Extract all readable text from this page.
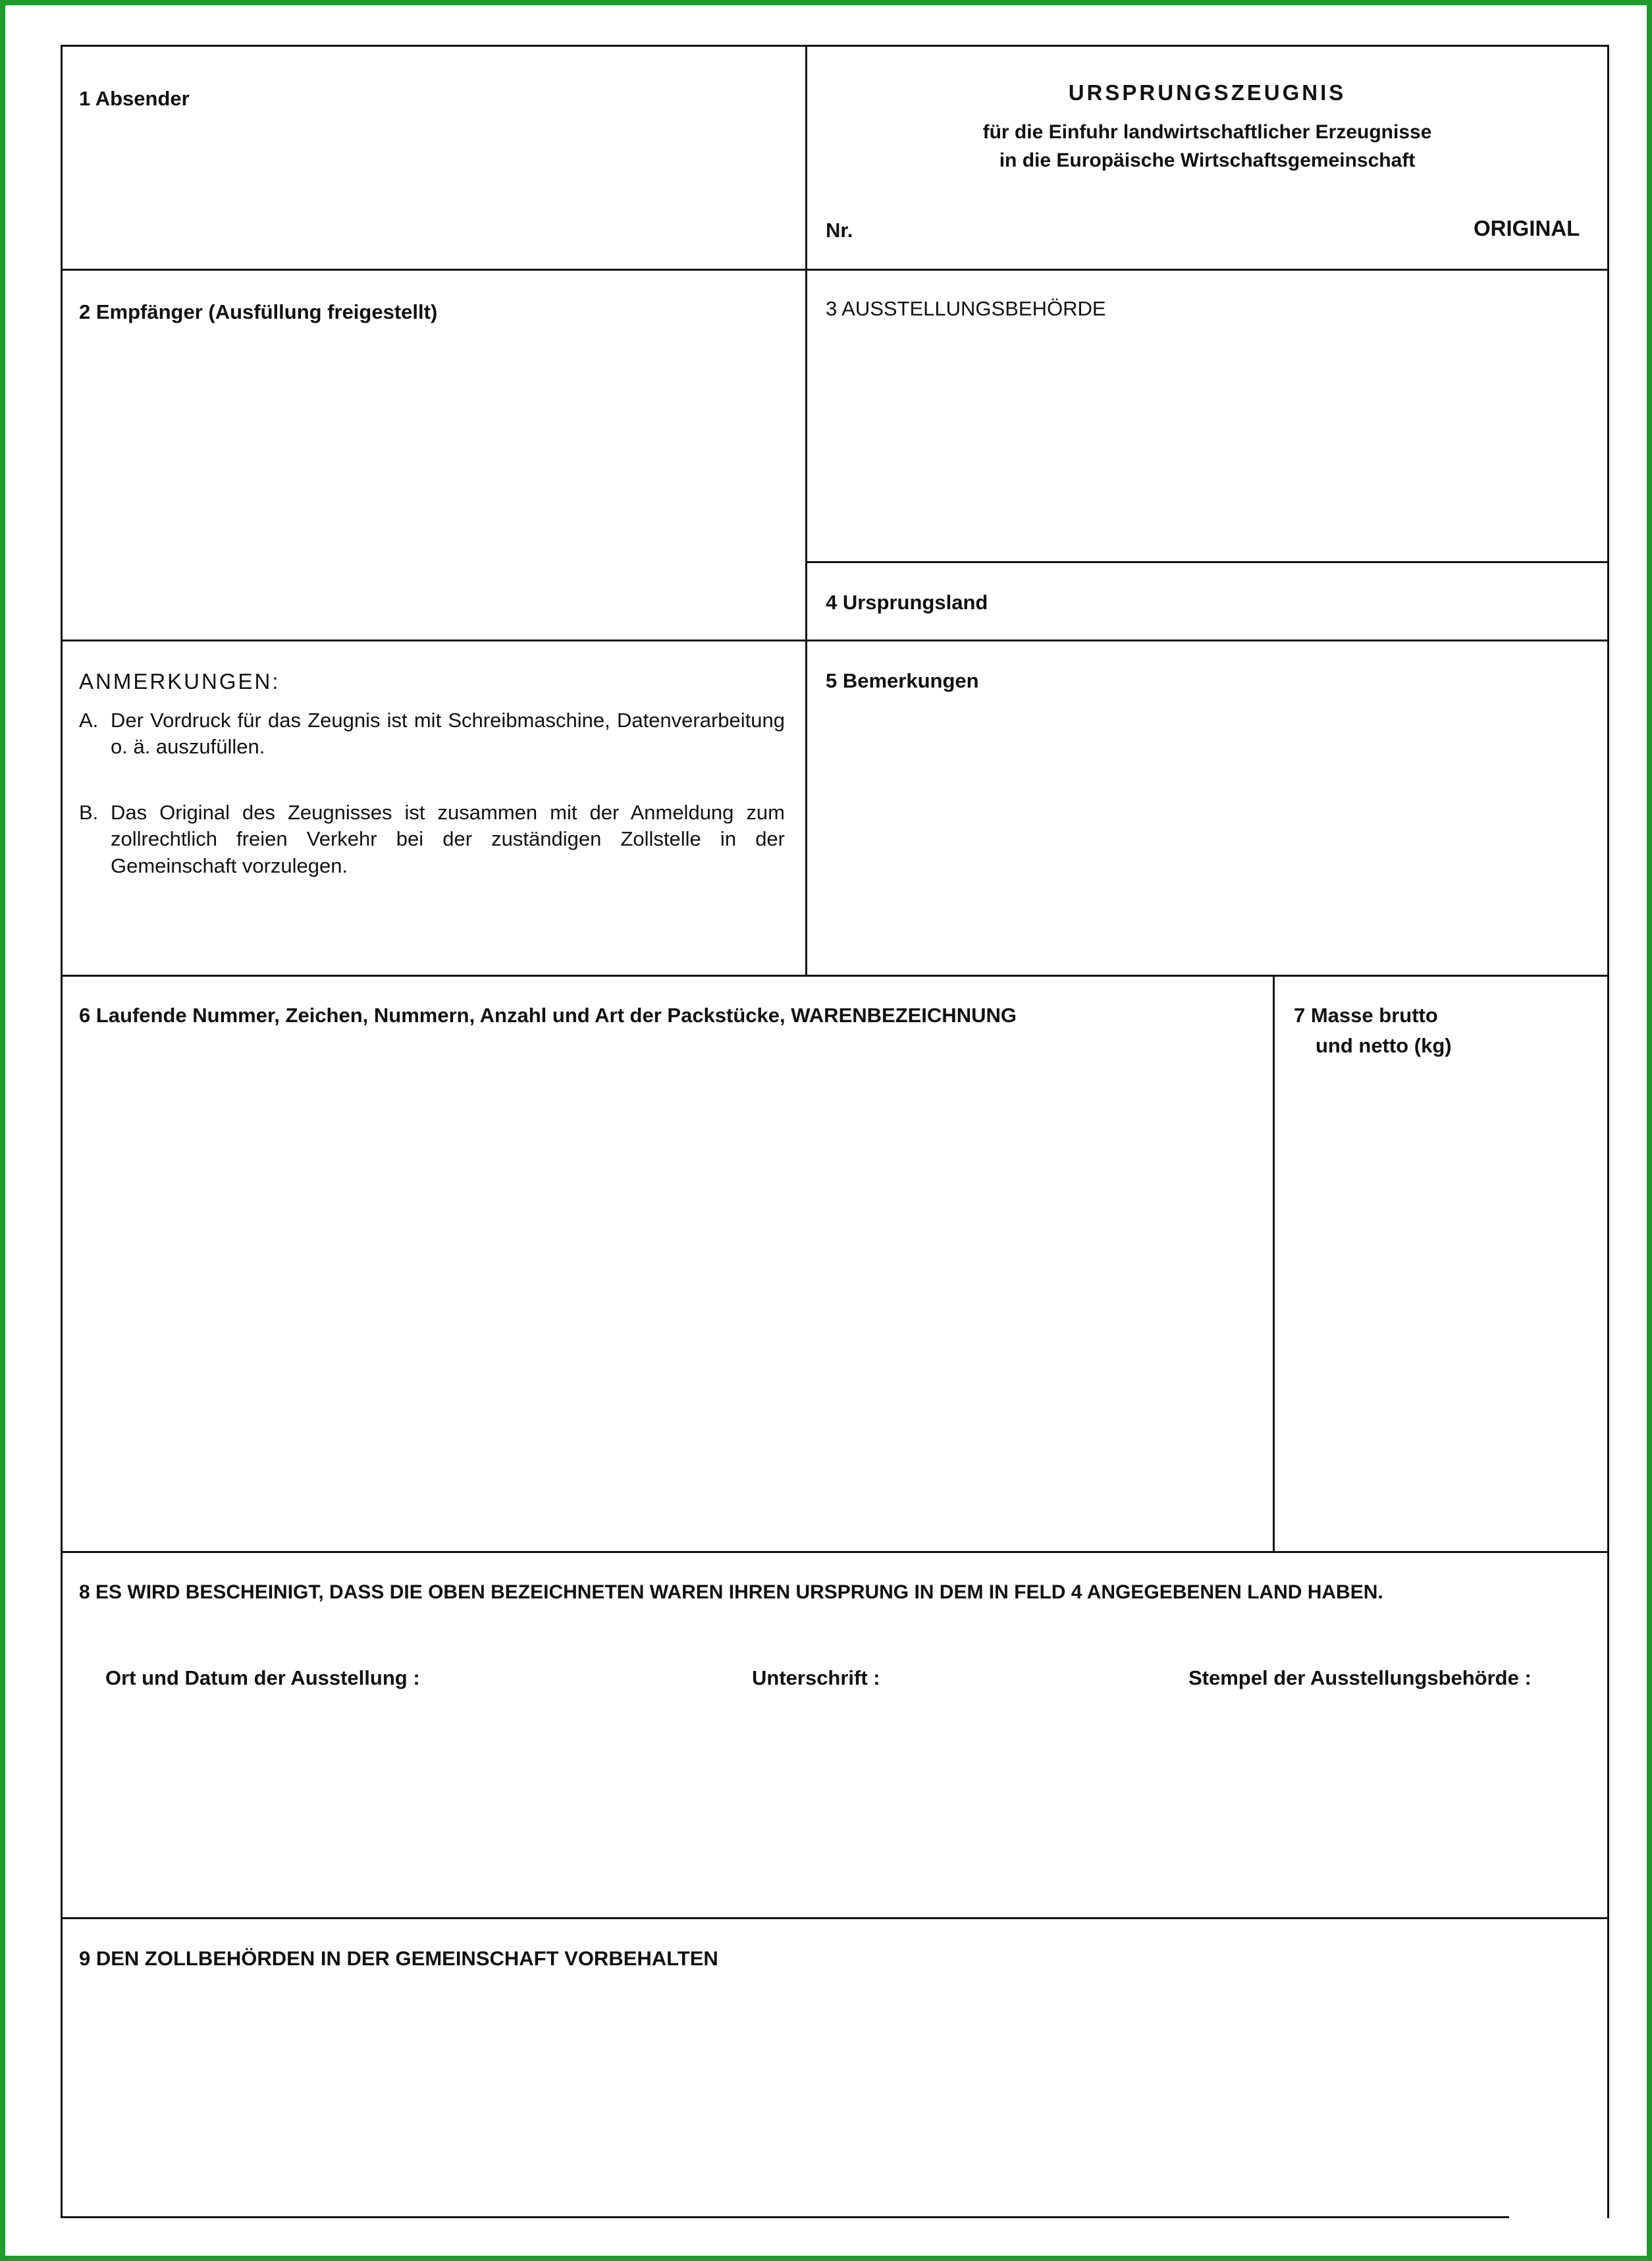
1 Absender	URSPRUNGSZEUGNIS
für die Einfuhr landwirtschaftlicher Erzeugnisse
in die Europäische Wirtschaftsgemeinschaft
Nr.	ORIGINAL
2 Empfänger (Ausfüllung freigestellt)	3 AUSSTELLUNGSBEHÖRDE
4 Ursprungsland
ANMERKUNGEN:
A. Der Vordruck für das Zeugnis ist mit Schreibmaschine, Datenverarbeitung o. ä. auszufüllen.
B. Das Original des Zeugnisses ist zusammen mit der Anmeldung zum zollrechtlich freien Verkehr bei der zuständigen Zollstelle in der Gemeinschaft vorzulegen.
5 Bemerkungen
6 Laufende Nummer, Zeichen, Nummern, Anzahl und Art der Packstücke, WARENBEZEICHNUNG	7 Masse brutto
und netto (kg)
8 ES WIRD BESCHEINIGT, DASS DIE OBEN BEZEICHNETEN WAREN IHREN URSPRUNG IN DEM IN FELD 4 ANGEGEBENEN LAND HABEN.
Ort und Datum der Ausstellung :	Unterschrift :	Stempel der Ausstellungsbehörde :
9 DEN ZOLLBEHÖRDEN IN DER GEMEINSCHAFT VORBEHALTEN
